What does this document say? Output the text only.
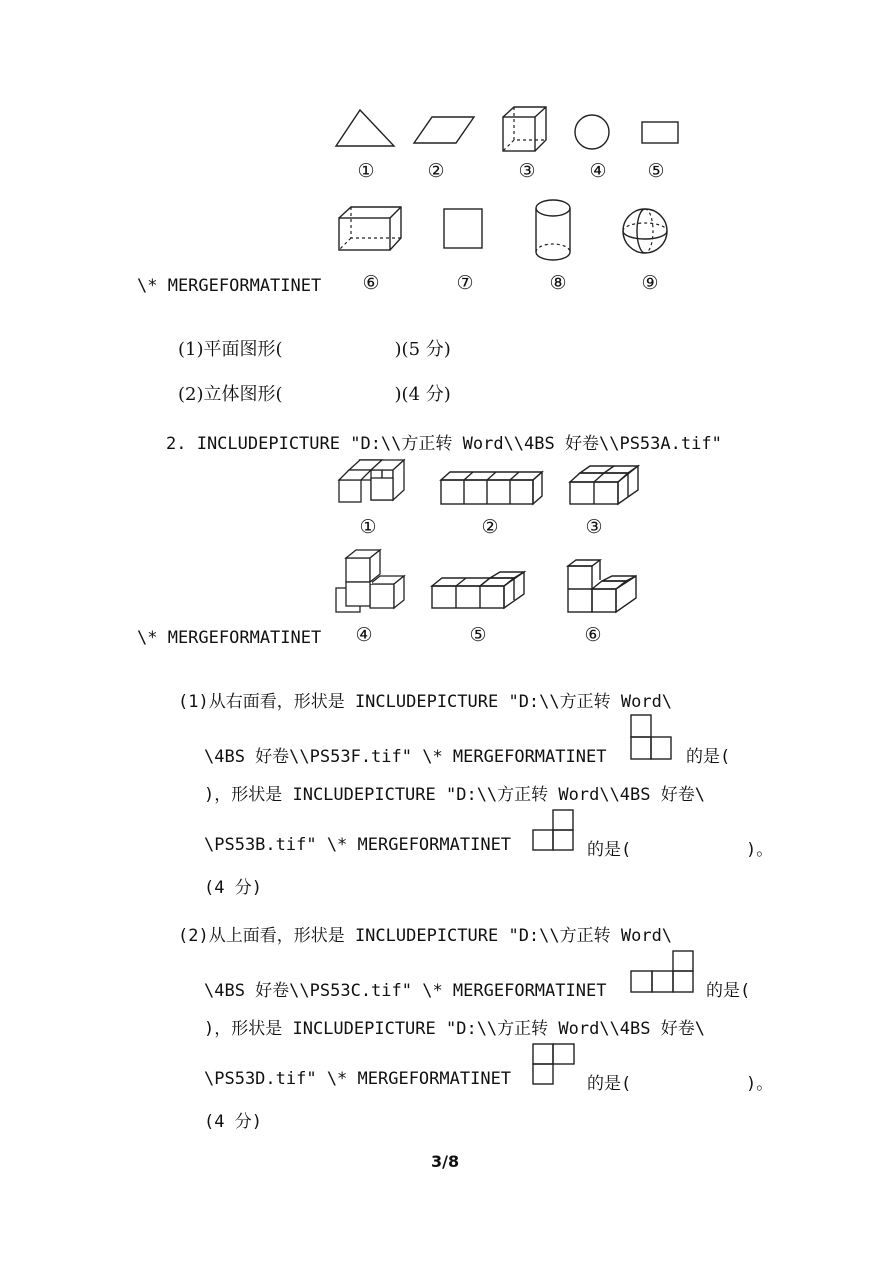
①	②	③	④	⑤
⑥	⑦	⑧	⑨
\* MERGEFORMATINET
(1)平面图形(	)(5 分)
(2)立体图形(	)(4 分)
2. INCLUDEPICTURE "D:\\方正转 Word\\4BS 好卷\\PS53A.tif"
①	②	③
④	⑤	⑥
\* MERGEFORMATINET
(1)从右面看，形状是 INCLUDEPICTURE "D:\\方正转 Word\
\4BS 好卷\\PS53F.tif" \* MERGEFORMATINET	的是(
)，形状是 INCLUDEPICTURE "D:\\方正转 Word\\4BS 好卷\
\PS53B.tif" \* MERGEFORMATINET	的是(	)。
(4 分)
(2)从上面看，形状是 INCLUDEPICTURE "D:\\方正转 Word\
\4BS 好卷\\PS53C.tif" \* MERGEFORMATINET	的是(
)，形状是 INCLUDEPICTURE "D:\\方正转 Word\\4BS 好卷\
\PS53D.tif" \* MERGEFORMATINET	的是(	)。
(4 分)
3/8
